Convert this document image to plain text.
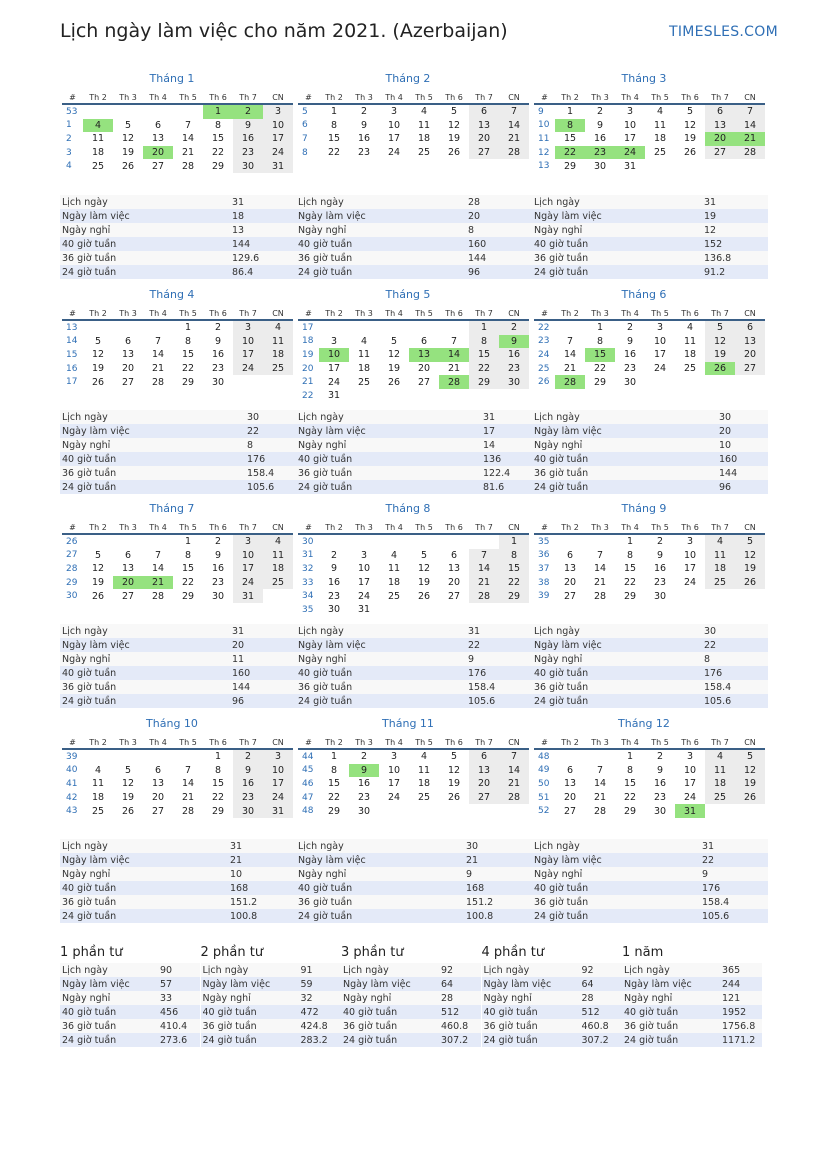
Lịch ngày làm việc cho năm 2021. (Azerbaijan)	TIMESLES.COM
Tháng 1
#	Th 2	Th 3	Th 4	Th 5	Th 6	Th 7	CN
53					1	2	3
1	4	5	6	7	8	9	10
2	11	12	13	14	15	16	17
3	18	19	20	21	22	23	24
4	25	26	27	28	29	30	31
Lịch ngày	31
Ngày làm việc	18
Ngày nghỉ	13
40 giờ tuần	144
36 giờ tuần	129.6
24 giờ tuần	86.4
Tháng 2
#	Th 2	Th 3	Th 4	Th 5	Th 6	Th 7	CN
5	1	2	3	4	5	6	7
6	8	9	10	11	12	13	14
7	15	16	17	18	19	20	21
8	22	23	24	25	26	27	28
Lịch ngày	28
Ngày làm việc	20
Ngày nghỉ	8
40 giờ tuần	160
36 giờ tuần	144
24 giờ tuần	96
Tháng 3
#	Th 2	Th 3	Th 4	Th 5	Th 6	Th 7	CN
9	1	2	3	4	5	6	7
10	8	9	10	11	12	13	14
11	15	16	17	18	19	20	21
12	22	23	24	25	26	27	28
13	29	30	31				
Lịch ngày	31
Ngày làm việc	19
Ngày nghỉ	12
40 giờ tuần	152
36 giờ tuần	136.8
24 giờ tuần	91.2
Tháng 4
#	Th 2	Th 3	Th 4	Th 5	Th 6	Th 7	CN
13				1	2	3	4
14	5	6	7	8	9	10	11
15	12	13	14	15	16	17	18
16	19	20	21	22	23	24	25
17	26	27	28	29	30		
Lịch ngày	30
Ngày làm việc	22
Ngày nghỉ	8
40 giờ tuần	176
36 giờ tuần	158.4
24 giờ tuần	105.6
Tháng 5
#	Th 2	Th 3	Th 4	Th 5	Th 6	Th 7	CN
17						1	2
18	3	4	5	6	7	8	9
19	10	11	12	13	14	15	16
20	17	18	19	20	21	22	23
21	24	25	26	27	28	29	30
22	31						
Lịch ngày	31
Ngày làm việc	17
Ngày nghỉ	14
40 giờ tuần	136
36 giờ tuần	122.4
24 giờ tuần	81.6
Tháng 6
#	Th 2	Th 3	Th 4	Th 5	Th 6	Th 7	CN
22		1	2	3	4	5	6
23	7	8	9	10	11	12	13
24	14	15	16	17	18	19	20
25	21	22	23	24	25	26	27
26	28	29	30				
Lịch ngày	30
Ngày làm việc	20
Ngày nghỉ	10
40 giờ tuần	160
36 giờ tuần	144
24 giờ tuần	96
Tháng 7
#	Th 2	Th 3	Th 4	Th 5	Th 6	Th 7	CN
26				1	2	3	4
27	5	6	7	8	9	10	11
28	12	13	14	15	16	17	18
29	19	20	21	22	23	24	25
30	26	27	28	29	30	31	
Lịch ngày	31
Ngày làm việc	20
Ngày nghỉ	11
40 giờ tuần	160
36 giờ tuần	144
24 giờ tuần	96
Tháng 8
#	Th 2	Th 3	Th 4	Th 5	Th 6	Th 7	CN
30							1
31	2	3	4	5	6	7	8
32	9	10	11	12	13	14	15
33	16	17	18	19	20	21	22
34	23	24	25	26	27	28	29
35	30	31					
Lịch ngày	31
Ngày làm việc	22
Ngày nghỉ	9
40 giờ tuần	176
36 giờ tuần	158.4
24 giờ tuần	105.6
Tháng 9
#	Th 2	Th 3	Th 4	Th 5	Th 6	Th 7	CN
35			1	2	3	4	5
36	6	7	8	9	10	11	12
37	13	14	15	16	17	18	19
38	20	21	22	23	24	25	26
39	27	28	29	30			
Lịch ngày	30
Ngày làm việc	22
Ngày nghỉ	8
40 giờ tuần	176
36 giờ tuần	158.4
24 giờ tuần	105.6
Tháng 10
#	Th 2	Th 3	Th 4	Th 5	Th 6	Th 7	CN
39					1	2	3
40	4	5	6	7	8	9	10
41	11	12	13	14	15	16	17
42	18	19	20	21	22	23	24
43	25	26	27	28	29	30	31
Lịch ngày	31
Ngày làm việc	21
Ngày nghỉ	10
40 giờ tuần	168
36 giờ tuần	151.2
24 giờ tuần	100.8
Tháng 11
#	Th 2	Th 3	Th 4	Th 5	Th 6	Th 7	CN
44	1	2	3	4	5	6	7
45	8	9	10	11	12	13	14
46	15	16	17	18	19	20	21
47	22	23	24	25	26	27	28
48	29	30					
Lịch ngày	30
Ngày làm việc	21
Ngày nghỉ	9
40 giờ tuần	168
36 giờ tuần	151.2
24 giờ tuần	100.8
Tháng 12
#	Th 2	Th 3	Th 4	Th 5	Th 6	Th 7	CN
48			1	2	3	4	5
49	6	7	8	9	10	11	12
50	13	14	15	16	17	18	19
51	20	21	22	23	24	25	26
52	27	28	29	30	31		
Lịch ngày	31
Ngày làm việc	22
Ngày nghỉ	9
40 giờ tuần	176
36 giờ tuần	158.4
24 giờ tuần	105.6
1 phần tư
Lịch ngày	90
Ngày làm việc	57
Ngày nghỉ	33
40 giờ tuần	456
36 giờ tuần	410.4
24 giờ tuần	273.6
2 phần tư
Lịch ngày	91
Ngày làm việc	59
Ngày nghỉ	32
40 giờ tuần	472
36 giờ tuần	424.8
24 giờ tuần	283.2
3 phần tư
Lịch ngày	92
Ngày làm việc	64
Ngày nghỉ	28
40 giờ tuần	512
36 giờ tuần	460.8
24 giờ tuần	307.2
4 phần tư
Lịch ngày	92
Ngày làm việc	64
Ngày nghỉ	28
40 giờ tuần	512
36 giờ tuần	460.8
24 giờ tuần	307.2
1 năm
Lịch ngày	365
Ngày làm việc	244
Ngày nghỉ	121
40 giờ tuần	1952
36 giờ tuần	1756.8
24 giờ tuần	1171.2
